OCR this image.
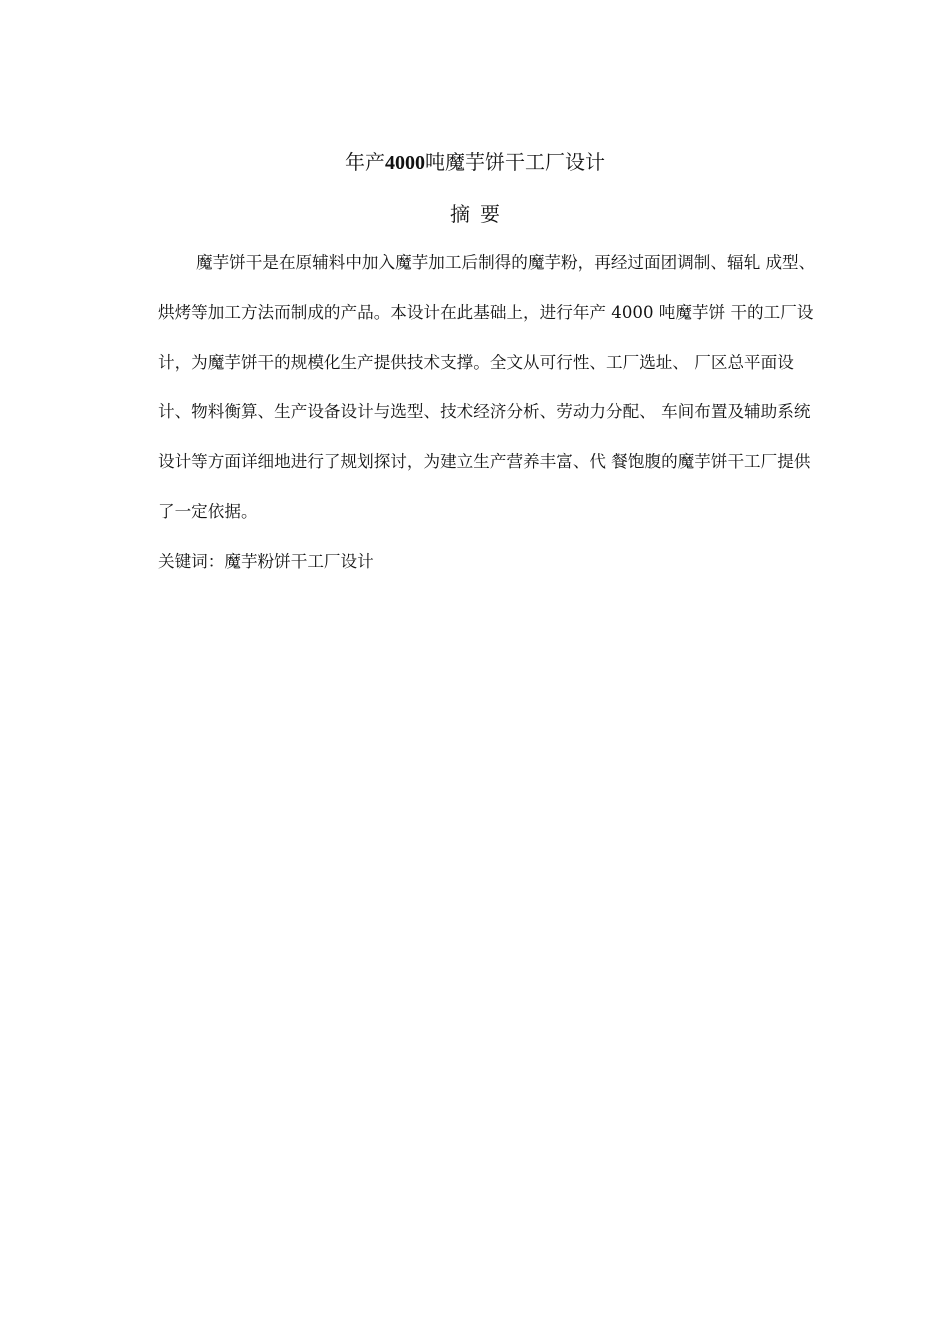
年产4000吨魔芋饼干工厂设计
摘要
魔芋饼干是在原辅料中加入魔芋加工后制得的魔芋粉，再经过面团调制、辐轧 成型、
烘烤等加工方法而制成的产品。本设计在此基础上，进行年产 4000 吨魔芋饼 干的工厂设
计，为魔芋饼干的规模化生产提供技术支撑。全文从可行性、工厂选址、 厂区总平面设
计、物料衡算、生产设备设计与选型、技术经济分析、劳动力分配、 车间布置及辅助系统
设计等方面详细地进行了规划探讨，为建立生产营养丰富、代 餐饱腹的魔芋饼干工厂提供
了一定依据。
关键词：魔芋粉饼干工厂设计
